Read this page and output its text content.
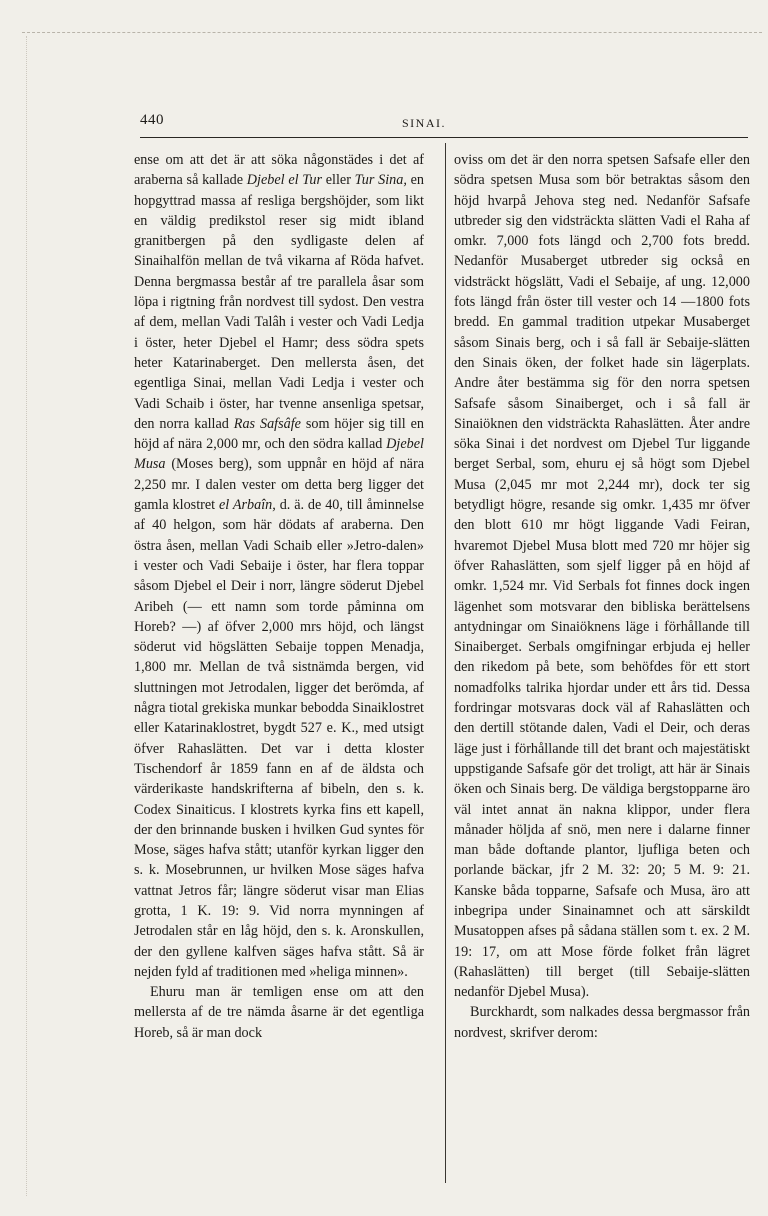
440	SINAI.

ense om att det är att söka någonstädes i det af araberna så kallade Djebel el Tur eller Tur Sina, en hopgyttrad massa af resliga bergshöjder, som likt en väldig predikstol reser sig midt ibland granitbergen på den sydligaste delen af Sinaihalfön mellan de två vikarna af Röda hafvet. Denna bergmassa består af tre parallela åsar som löpa i rigtning från nordvest till sydost. Den vestra af dem, mellan Vadi Talâh i vester och Vadi Ledja i öster, heter Djebel el Hamr; dess södra spets heter Katarinaberget. Den mellersta åsen, det egentliga Sinai, mellan Vadi Ledja i vester och Vadi Schaib i öster, har tvenne ansenliga spetsar, den norra kallad Ras Safsâfe som höjer sig till en höjd af nära 2,000 mr, och den södra kallad Djebel Musa (Moses berg), som uppnår en höjd af nära 2,250 mr. I dalen vester om detta berg ligger det gamla klostret el Arbaîn, d. ä. de 40, till åminnelse af 40 helgon, som här dödats af araberna. Den östra åsen, mellan Vadi Schaib eller »Jetro-dalen» i vester och Vadi Sebaije i öster, har flera toppar såsom Djebel el Deir i norr, längre söderut Djebel Aribeh (— ett namn som torde påminna om Horeb? —) af öfver 2,000 mrs höjd, och längst söderut vid högslätten Sebaije toppen Menadja, 1,800 mr. Mellan de två sistnämda bergen, vid sluttningen mot Jetrodalen, ligger det berömda, af några tiotal grekiska munkar bebodda Sinaiklostret eller Katarinaklostret, bygdt 527 e. K., med utsigt öfver Rahaslätten. Det var i detta kloster Tischendorf år 1859 fann en af de äldsta och värderikaste handskrifterna af bibeln, den s. k. Codex Sinaiticus. I klostrets kyrka fins ett kapell, der den brinnande busken i hvilken Gud syntes för Mose, säges hafva stått; utanför kyrkan ligger den s. k. Mosebrunnen, ur hvilken Mose säges hafva vattnat Jetros får; längre söderut visar man Elias grotta, 1 K. 19: 9. Vid norra mynningen af Jetrodalen står en låg höjd, den s. k. Aronskullen, der den gyllene kalfven säges hafva stått. Så är nejden fyld af traditionen med »heliga minnen».

Ehuru man är temligen ense om att den mellersta af de tre nämda åsarne är det egentliga Horeb, så är man dock

oviss om det är den norra spetsen Safsafe eller den södra spetsen Musa som bör betraktas såsom den höjd hvarpå Jehova steg ned. Nedanför Safsafe utbreder sig den vidsträckta slätten Vadi el Raha af omkr. 7,000 fots längd och 2,700 fots bredd. Nedanför Musaberget utbreder sig också en vidsträckt högslätt, Vadi el Sebaije, af ung. 12,000 fots längd från öster till vester och 14 —1800 fots bredd. En gammal tradition utpekar Musaberget såsom Sinais berg, och i så fall är Sebaije-slätten den Sinais öken, der folket hade sin lägerplats. Andre åter bestämma sig för den norra spetsen Safsafe såsom Sinaiberget, och i så fall är Sinaiöknen den vidsträckta Rahaslätten. Åter andre söka Sinai i det nordvest om Djebel Tur liggande berget Serbal, som, ehuru ej så högt som Djebel Musa (2,045 mr mot 2,244 mr), dock ter sig betydligt högre, resande sig omkr. 1,435 mr öfver den blott 610 mr högt liggande Vadi Feiran, hvaremot Djebel Musa blott med 720 mr höjer sig öfver Rahaslätten, som sjelf ligger på en höjd af omkr. 1,524 mr. Vid Serbals fot finnes dock ingen lägenhet som motsvarar den bibliska berättelsens antydningar om Sinaiöknens läge i förhållande till Sinaiberget. Serbals omgifningar erbjuda ej heller den rikedom på bete, som behöfdes för ett stort nomadfolks talrika hjordar under ett års tid. Dessa fordringar motsvaras dock väl af Rahaslätten och den dertill stötande dalen, Vadi el Deir, och deras läge just i förhållande till det brant och majestätiskt uppstigande Safsafe gör det troligt, att här är Sinais öken och Sinais berg. De väldiga bergstopparne äro väl intet annat än nakna klippor, under flera månader höljda af snö, men nere i dalarne finner man både doftande plantor, ljufliga beten och porlande bäckar, jfr 2 M. 32: 20; 5 M. 9: 21. Kanske båda topparne, Safsafe och Musa, äro att inbegripa under Sinainamnet och att särskildt Musatoppen afses på sådana ställen som t. ex. 2 M. 19: 17, om att Mose förde folket från lägret (Rahaslätten) till berget (till Sebaije-slätten nedanför Djebel Musa).

Burckhardt, som nalkades dessa bergmassor från nordvest, skrifver derom:
